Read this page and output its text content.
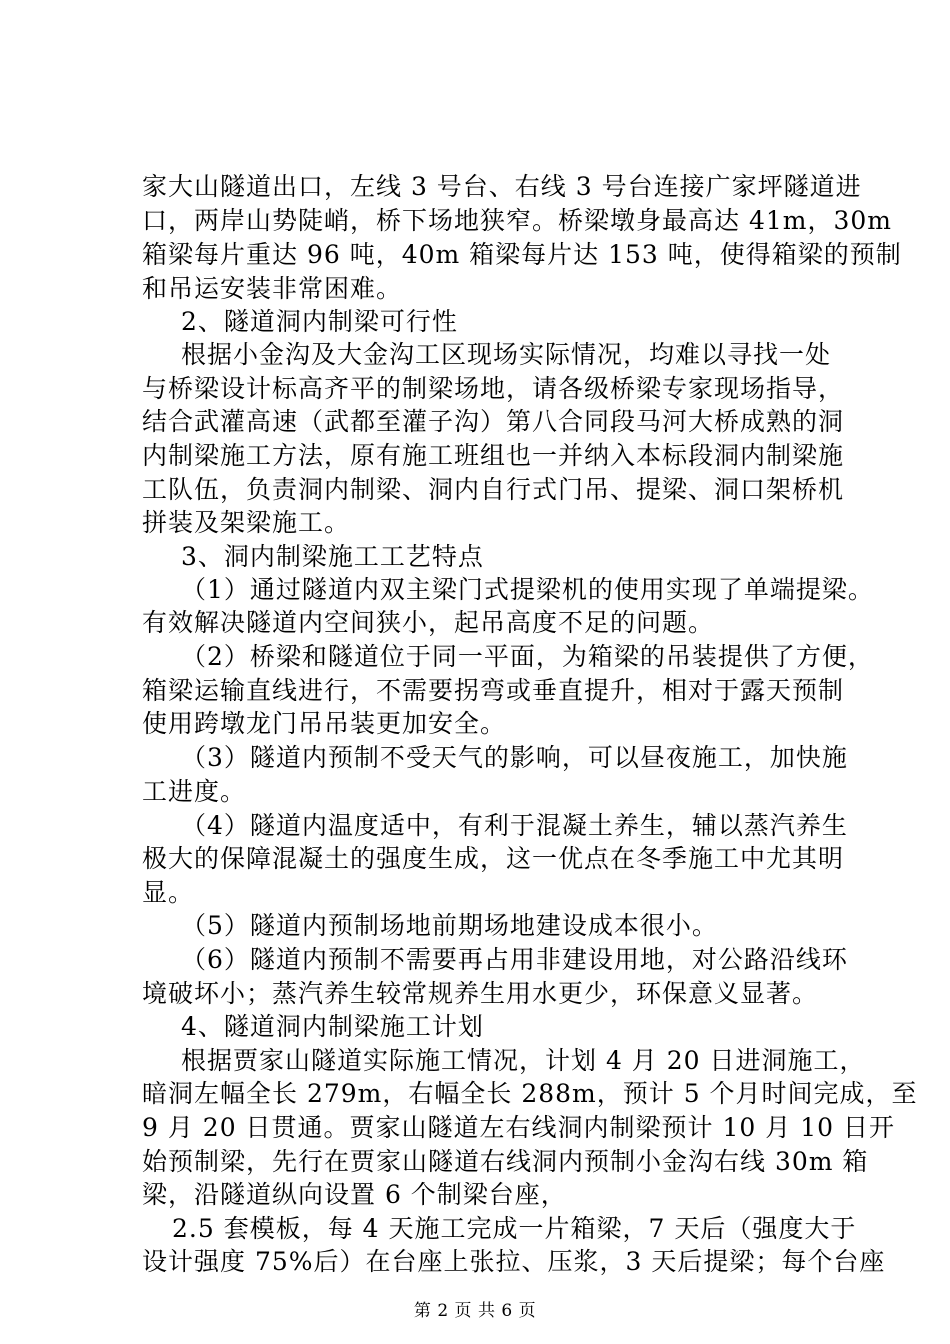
家大山隧道出口，左线 3 号台、右线 3 号台连接广家坪隧道进
口，两岸山势陡峭，桥下场地狭窄。桥梁墩身最高达 41m，30m
箱梁每片重达 96 吨，40m 箱梁每片达 153 吨，使得箱梁的预制
和吊运安装非常困难。
2、隧道洞内制梁可行性
根据小金沟及大金沟工区现场实际情况，均难以寻找一处
与桥梁设计标高齐平的制梁场地，请各级桥梁专家现场指导，
结合武灌高速（武都至灌子沟）第八合同段马河大桥成熟的洞
内制梁施工方法，原有施工班组也一并纳入本标段洞内制梁施
工队伍，负责洞内制梁、洞内自行式门吊、提梁、洞口架桥机
拼装及架梁施工。
3、洞内制梁施工工艺特点
（1）通过隧道内双主梁门式提梁机的使用实现了单端提梁。
有效解决隧道内空间狭小，起吊高度不足的问题。
（2）桥梁和隧道位于同一平面，为箱梁的吊装提供了方便，
箱梁运输直线进行，不需要拐弯或垂直提升，相对于露天预制
使用跨墩龙门吊吊装更加安全。
（3）隧道内预制不受天气的影响，可以昼夜施工，加快施
工进度。
（4）隧道内温度适中，有利于混凝土养生，辅以蒸汽养生
极大的保障混凝土的强度生成，这一优点在冬季施工中尤其明
显。
（5）隧道内预制场地前期场地建设成本很小。
（6）隧道内预制不需要再占用非建设用地，对公路沿线环
境破坏小；蒸汽养生较常规养生用水更少，环保意义显著。
4、隧道洞内制梁施工计划
根据贾家山隧道实际施工情况，计划 4 月 20 日进洞施工，
暗洞左幅全长 279m，右幅全长 288m，预计 5 个月时间完成，至
9 月 20 日贯通。贾家山隧道左右线洞内制梁预计 10 月 10 日开
始预制梁，先行在贾家山隧道右线洞内预制小金沟右线 30m 箱
梁，沿隧道纵向设置 6 个制梁台座，
2.5 套模板，每 4 天施工完成一片箱梁，7 天后（强度大于
设计强度 75%后）在台座上张拉、压浆，3 天后提梁；每个台座
第 2 页 共 6 页
